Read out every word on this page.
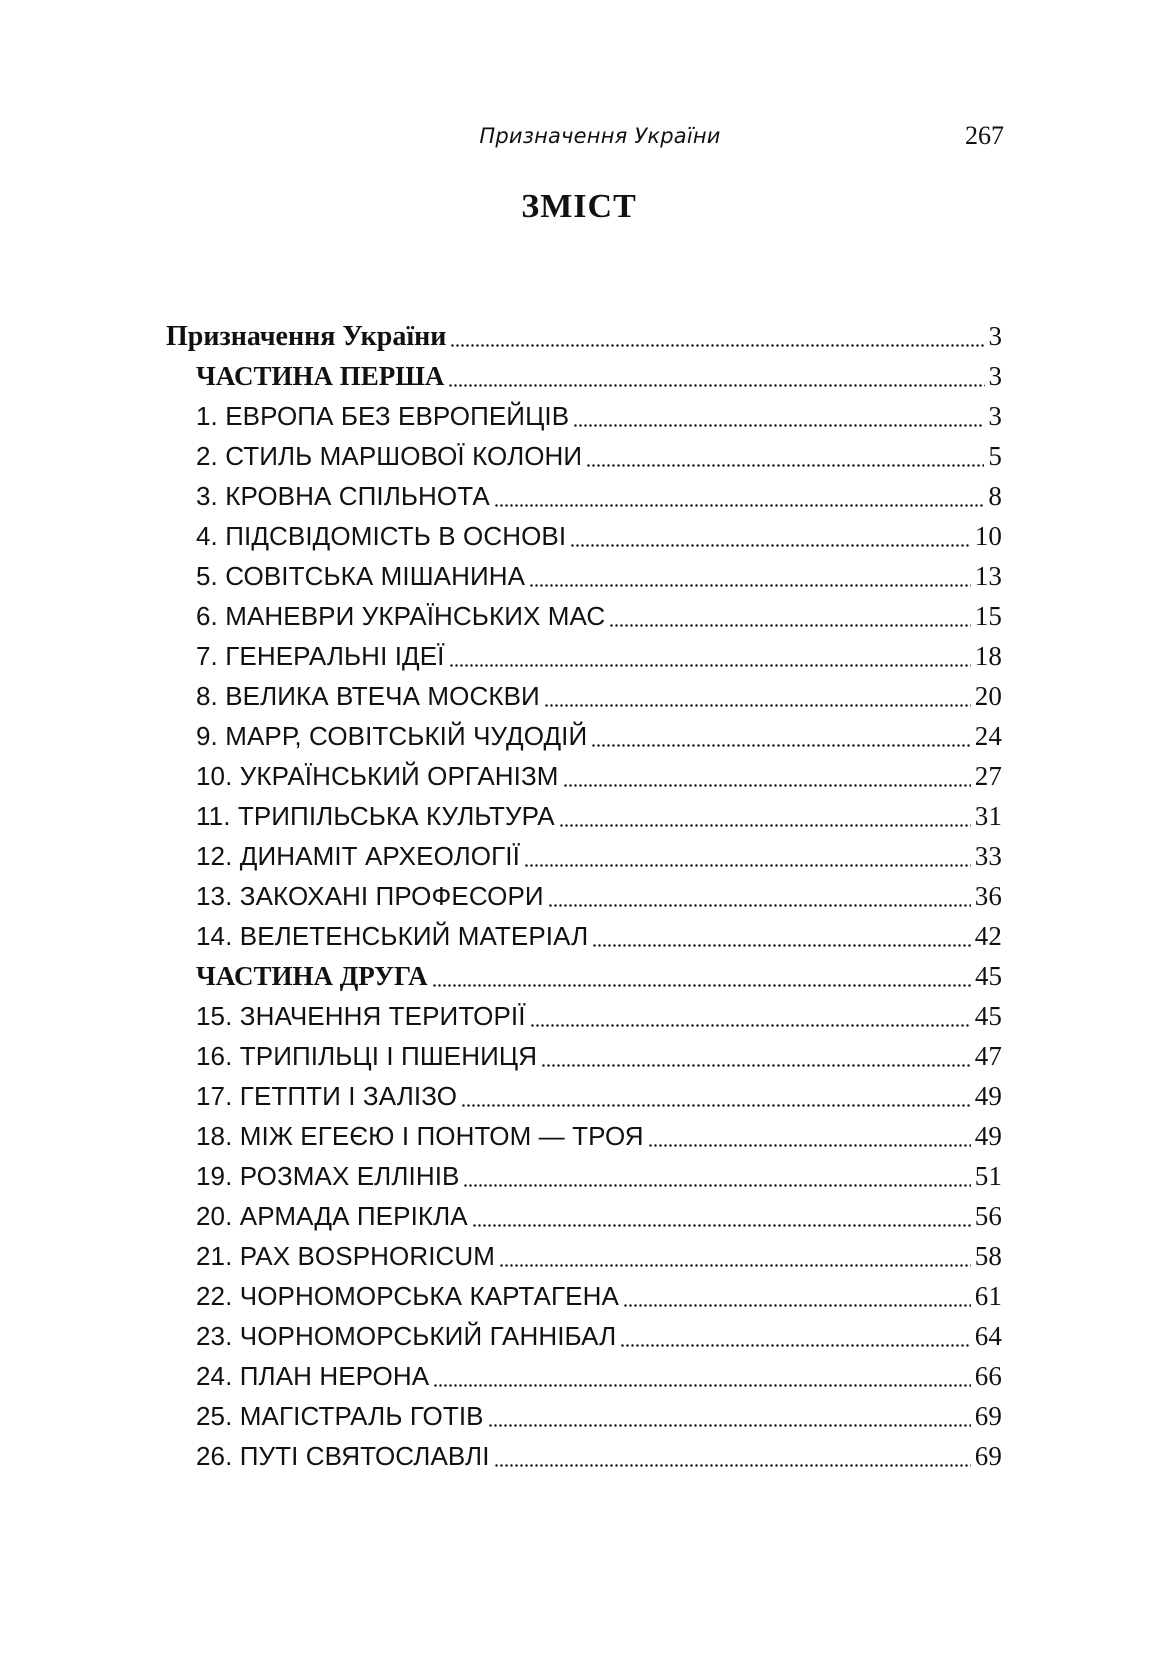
Призначення України	267
ЗМІСТ
Призначення України	3
ЧАСТИНА ПЕРША	3
1. ЕВРОПА БЕЗ ЕВРОПЕЙЦІВ	3
2. СТИЛЬ МАРШОВОЇ КОЛОНИ	5
3. КРОВНА СПІЛЬНОТА	8
4. ПІДСВІДОМІСТЬ В ОСНОВІ	10
5. СОВІТСЬКА МІШАНИНА	13
6. МАНЕВРИ УКРАЇНСЬКИХ МАС	15
7. ГЕНЕРАЛЬНІ ІДЕЇ	18
8. ВЕЛИКА ВТЕЧА МОСКВИ	20
9. МАРР, СОВІТСЬКІЙ ЧУДОДІЙ	24
10. УКРАЇНСЬКИЙ ОРГАНІЗМ	27
11. ТРИПІЛЬСЬКА КУЛЬТУРА	31
12. ДИНАМІТ АРХЕОЛОГІЇ	33
13. ЗАКОХАНІ ПРОФЕСОРИ	36
14. ВЕЛЕТЕНСЬКИЙ МАТЕРІАЛ	42
ЧАСТИНА ДРУГА	45
15. ЗНАЧЕННЯ ТЕРИТОРІЇ	45
16. ТРИПІЛЬЦІ І ПШЕНИЦЯ	47
17. ГЕТПТИ І ЗАЛІЗО	49
18. МІЖ ЕГЕЄЮ І ПОНТОМ — ТРОЯ	49
19. РОЗМАХ ЕЛЛІНІВ	51
20. АРМАДА ПЕРІКЛА	56
21. PAX BOSPHORICUM	58
22. ЧОРНОМОРСЬКА КАРТАГЕНА	61
23. ЧОРНОМОРСЬКИЙ ГАННІБАЛ	64
24. ПЛАН НЕРОНА	66
25. МАГІСТРАЛЬ ГОТІВ	69
26. ПУТІ СВЯТОСЛАВЛІ	69
